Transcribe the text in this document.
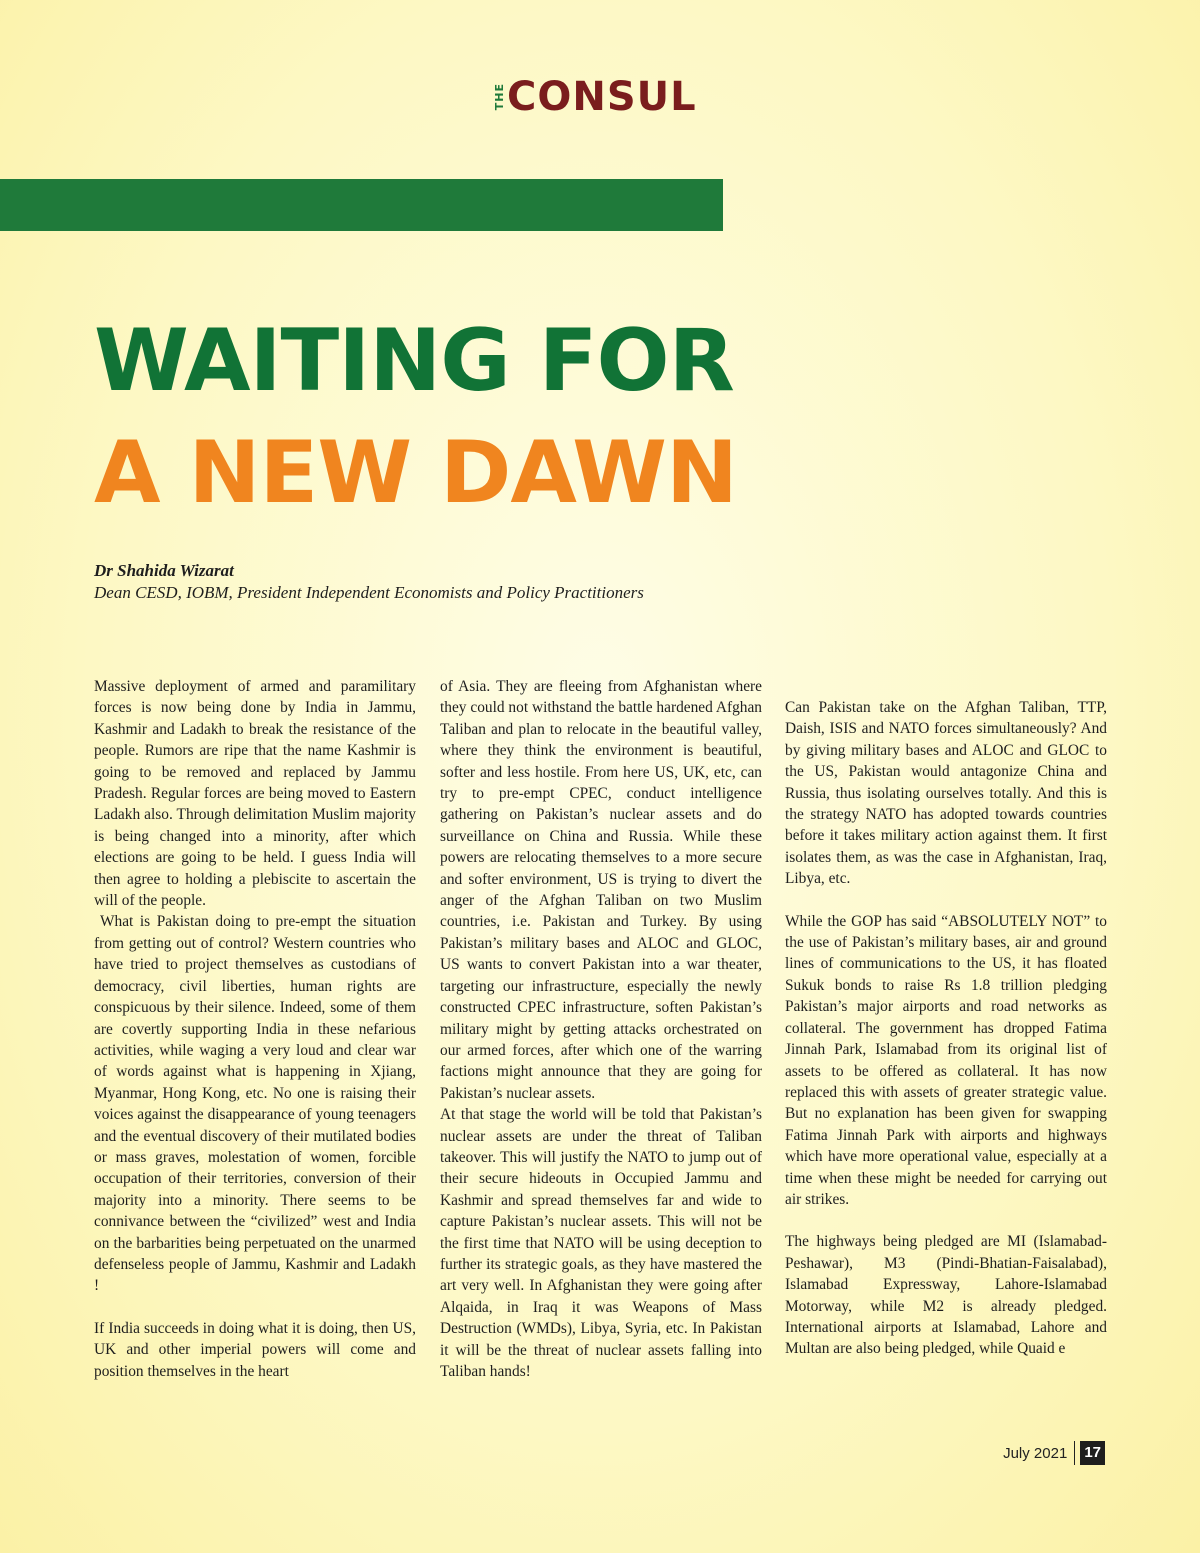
THE CONSUL
WAITING FOR
A NEW DAWN
Dr Shahida Wizarat
Dean CESD, IOBM, President Independent Economists and Policy Practitioners

Massive deployment of armed and paramilitary forces is now being done by India in Jammu, Kashmir and Ladakh to break the resistance of the people. Rumors are ripe that the name Kashmir is going to be removed and replaced by Jammu Pradesh. Regular forces are being moved to Eastern Ladakh also. Through delimitation Muslim majority is being changed into a minority, after which elections are going to be held. I guess India will then agree to holding a plebiscite to ascertain the will of the people.

What is Pakistan doing to pre-empt the situation from getting out of control? Western countries who have tried to project themselves as custodians of democracy, civil liberties, human rights are conspicuous by their silence. Indeed, some of them are covertly supporting India in these nefarious activities, while waging a very loud and clear war of words against what is happening in Xjiang, Myanmar, Hong Kong, etc. No one is raising their voices against the disappearance of young teenagers and the eventual discovery of their mutilated bodies or mass graves, molestation of women, forcible occupation of their territories, conversion of their majority into a minority. There seems to be connivance between the “civilized” west and India on the barbarities being perpetuated on the unarmed defenseless people of Jammu, Kashmir and Ladakh !

If India succeeds in doing what it is doing, then US, UK and other imperial powers will come and position themselves in the heart

of Asia. They are fleeing from Afghanistan where they could not withstand the battle hardened Afghan Taliban and plan to relocate in the beautiful valley, where they think the environment is beautiful, softer and less hostile. From here US, UK, etc, can try to pre-empt CPEC, conduct intelligence gathering on Pakistan’s nuclear assets and do surveillance on China and Russia. While these powers are relocating themselves to a more secure and softer environment, US is trying to divert the anger of the Afghan Taliban on two Muslim countries, i.e. Pakistan and Turkey. By using Pakistan’s military bases and ALOC and GLOC, US wants to convert Pakistan into a war theater, targeting our infrastructure, especially the newly constructed CPEC infrastructure, soften Pakistan’s military might by getting attacks orchestrated on our armed forces, after which one of the warring factions might announce that they are going for Pakistan’s nuclear assets.

At that stage the world will be told that Pakistan’s nuclear assets are under the threat of Taliban takeover. This will justify the NATO to jump out of their secure hideouts in Occupied Jammu and Kashmir and spread themselves far and wide to capture Pakistan’s nuclear assets. This will not be the first time that NATO will be using deception to further its strategic goals, as they have mastered the art very well. In Afghanistan they were going after Alqaida, in Iraq it was Weapons of Mass Destruction (WMDs), Libya, Syria, etc. In Pakistan it will be the threat of nuclear assets falling into Taliban hands!

Can Pakistan take on the Afghan Taliban, TTP, Daish, ISIS and NATO forces simultaneously? And by giving military bases and ALOC and GLOC to the US, Pakistan would antagonize China and Russia, thus isolating ourselves totally. And this is the strategy NATO has adopted towards countries before it takes military action against them. It first isolates them, as was the case in Afghanistan, Iraq, Libya, etc.

While the GOP has said “ABSOLUTELY NOT” to the use of Pakistan’s military bases, air and ground lines of communications to the US, it has floated Sukuk bonds to raise Rs 1.8 trillion pledging Pakistan’s major airports and road networks as collateral. The government has dropped Fatima Jinnah Park, Islamabad from its original list of assets to be offered as collateral. It has now replaced this with assets of greater strategic value. But no explanation has been given for swapping Fatima Jinnah Park with airports and highways which have more operational value, especially at a time when these might be needed for carrying out air strikes.

The highways being pledged are MI (Islamabad-Peshawar), M3 (Pindi-Bhatian-Faisalabad), Islamabad Expressway, Lahore-Islamabad Motorway, while M2 is already pledged. International airports at Islamabad, Lahore and Multan are also being pledged, while Quaid e

July 2021 17
